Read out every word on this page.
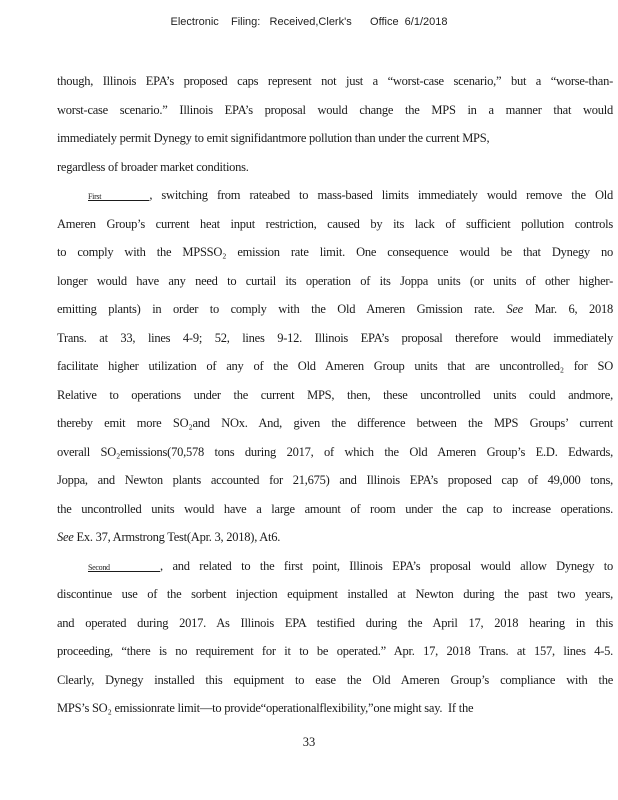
Electronic    Filing:   Received,Clerk's      Office  6/1/2018
though, Illinois EPA’s proposed caps represent not just a “worst-case scenario,” but a “worse-than-
worst-case scenario.” Illinois EPA’s proposal would change the MPS in a manner that would
immediately permit Dynegy to emit signifidantmore pollution than under the current MPS,
regardless of broader market conditions.
First      , switching from rateabed to mass-based limits immediately would remove the Old
Ameren Group’s current heat input restriction, caused by its lack of sufficient pollution controls
to comply with the MPSSO₂ emission rate limit. One consequence would be that Dynegy no
longer would have any need to curtail its operation of its Joppa units (or units of other higher-
emitting plants) in order to comply with the Old Ameren Gmission rate. See Mar. 6, 2018
Trans. at 33, lines 4-9; 52, lines 9-12. Illinois EPA’s proposal therefore would immediately
facilitate higher utilization of any of the Old Ameren Group units that are uncontrolled₂ for SO
Relative to operations under the current MPS, then, these uncontrolled units could andmore,
thereby emit more SO₂and NOx. And, given the difference between the MPS Groups’ current
overall SO₂emissions(70,578 tons during 2017, of which the Old Ameren Group’s E.D. Edwards,
Joppa, and Newton plants accounted for 21,675) and Illinois EPA’s proposed cap of 49,000 tons,
the uncontrolled units would have a large amount of room under the cap to increase operations.
See Ex. 37, Armstrong Test(Apr. 3, 2018), At6.
Second      , and related to the first point, Illinois EPA’s proposal would allow Dynegy to
discontinue use of the sorbent injection equipment installed at Newton during the past two years,
and operated during 2017. As Illinois EPA testified during the April 17, 2018 hearing in this
proceeding, “there is no requirement for it to be operated.” Apr. 17, 2018 Trans. at 157, lines 4-5.
Clearly, Dynegy installed this equipment to ease the Old Ameren Group’s compliance with the
MPS’s SO₂ emissionrate limit—to provide“operationalflexibility,”one might say.  If the
33
